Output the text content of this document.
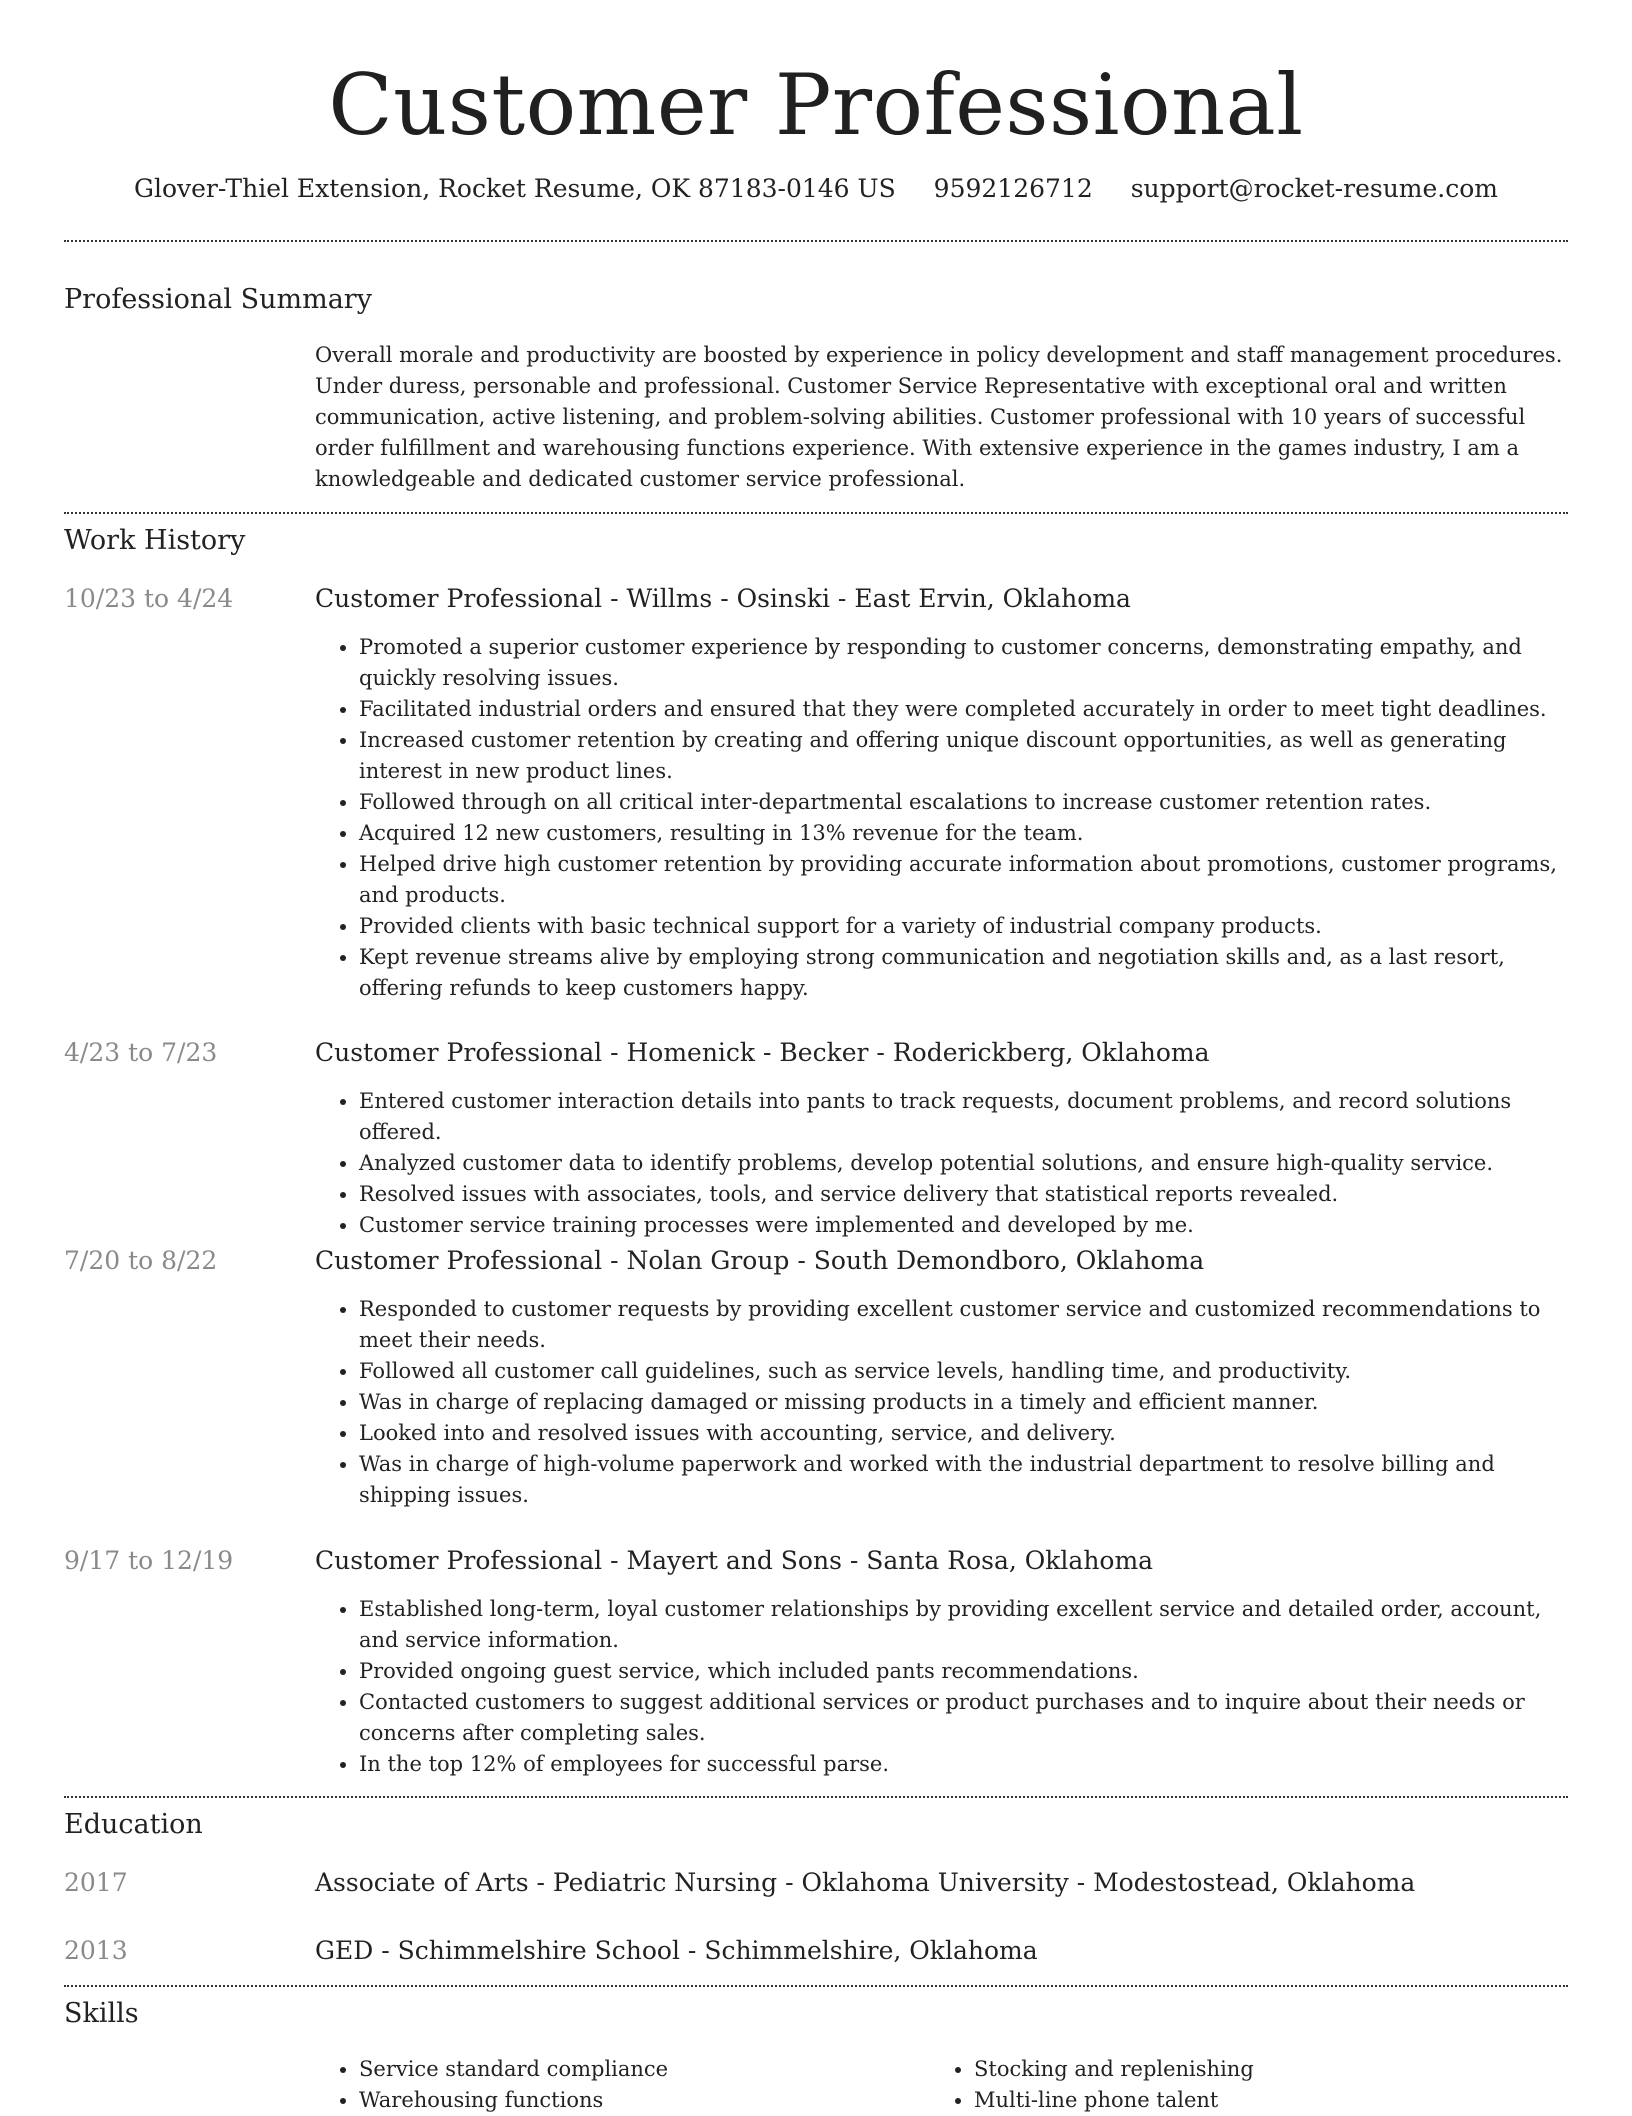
Customer Professional
Glover-Thiel Extension, Rocket Resume, OK 87183-0146 US 9592126712 support@rocket-resume.com
Professional Summary

Overall morale and productivity are boosted by experience in policy development and staff management procedures. Under duress, personable and professional. Customer Service Representative with exceptional oral and written communication, active listening, and problem-solving abilities. Customer professional with 10 years of successful order fulfillment and warehousing functions experience. With extensive experience in the games industry, I am a knowledgeable and dedicated customer service professional.

Work History
10/23 to 4/24	Customer Professional - Willms - Osinski - East Ervin, Oklahoma
• Promoted a superior customer experience by responding to customer concerns, demonstrating empathy, and quickly resolving issues.
• Facilitated industrial orders and ensured that they were completed accurately in order to meet tight deadlines.
• Increased customer retention by creating and offering unique discount opportunities, as well as generating interest in new product lines.
• Followed through on all critical inter-departmental escalations to increase customer retention rates.
• Acquired 12 new customers, resulting in 13% revenue for the team.
• Helped drive high customer retention by providing accurate information about promotions, customer programs, and products.
• Provided clients with basic technical support for a variety of industrial company products.
• Kept revenue streams alive by employing strong communication and negotiation skills and, as a last resort, offering refunds to keep customers happy.
4/23 to 7/23	Customer Professional - Homenick - Becker - Roderickberg, Oklahoma
• Entered customer interaction details into pants to track requests, document problems, and record solutions offered.
• Analyzed customer data to identify problems, develop potential solutions, and ensure high-quality service.
• Resolved issues with associates, tools, and service delivery that statistical reports revealed.
• Customer service training processes were implemented and developed by me.
7/20 to 8/22	Customer Professional - Nolan Group - South Demondboro, Oklahoma
• Responded to customer requests by providing excellent customer service and customized recommendations to meet their needs.
• Followed all customer call guidelines, such as service levels, handling time, and productivity.
• Was in charge of replacing damaged or missing products in a timely and efficient manner.
• Looked into and resolved issues with accounting, service, and delivery.
• Was in charge of high-volume paperwork and worked with the industrial department to resolve billing and shipping issues.
9/17 to 12/19	Customer Professional - Mayert and Sons - Santa Rosa, Oklahoma
• Established long-term, loyal customer relationships by providing excellent service and detailed order, account, and service information.
• Provided ongoing guest service, which included pants recommendations.
• Contacted customers to suggest additional services or product purchases and to inquire about their needs or concerns after completing sales.
• In the top 12% of employees for successful parse.
Education
2017	Associate of Arts - Pediatric Nursing - Oklahoma University - Modestostead, Oklahoma
2013	GED - Schimmelshire School - Schimmelshire, Oklahoma
Skills
• Service standard compliance
• Warehousing functions
• Stocking and replenishing
• Multi-line phone talent
